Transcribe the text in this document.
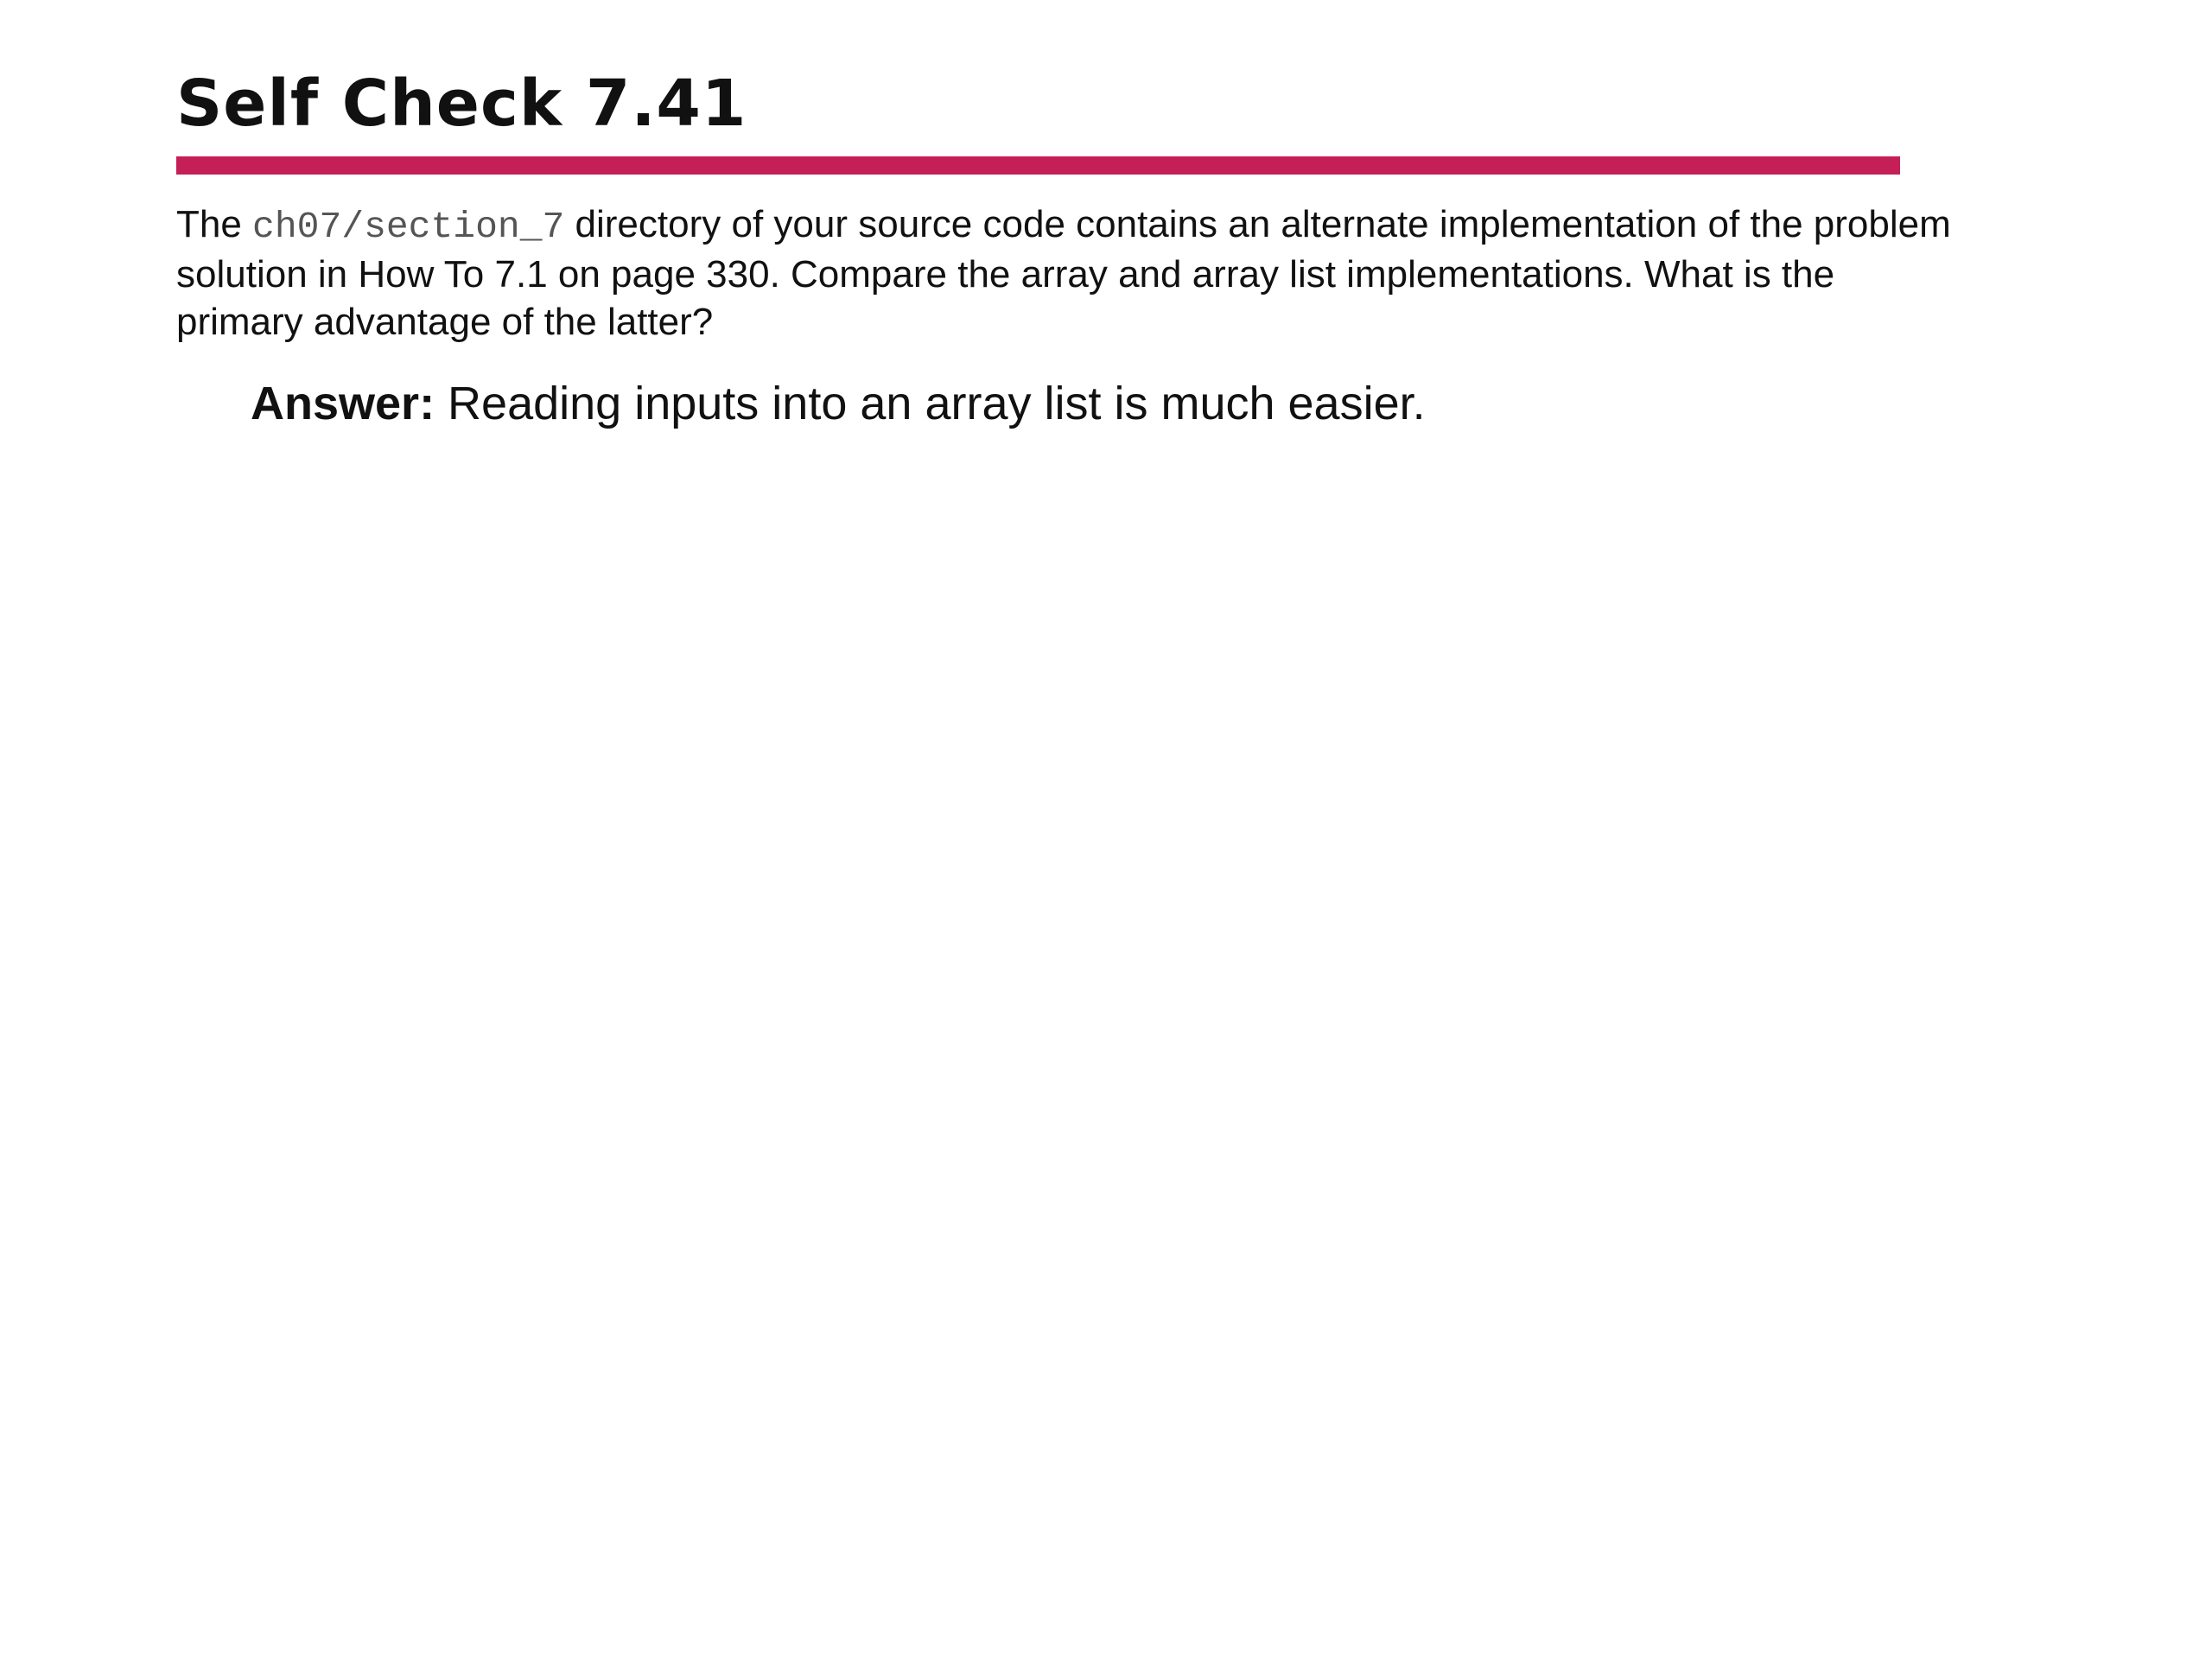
Self Check 7.41

The ch07/section_7 directory of your source code contains an alternate implementation of the problem
solution in How To 7.1 on page 330. Compare the array and array list implementations. What is the
primary advantage of the latter?

Answer: Reading inputs into an array list is much easier.
